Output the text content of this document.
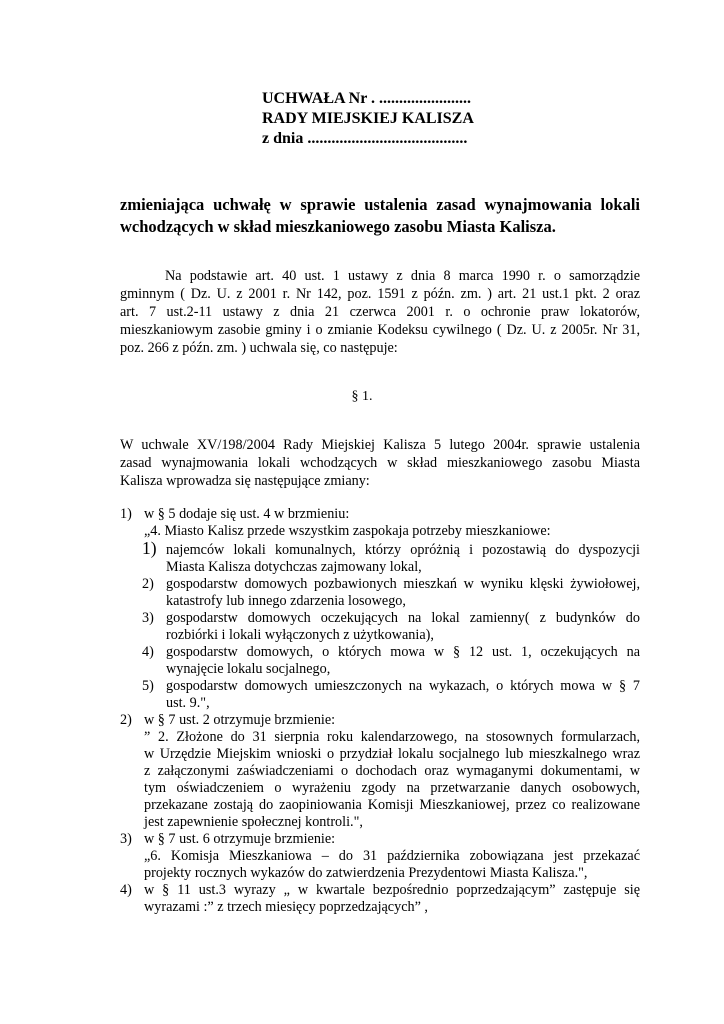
UCHWAŁA Nr . .......................
RADY MIEJSKIEJ KALISZA
z dnia ........................................
zmieniająca uchwałę w sprawie ustalenia zasad wynajmowania lokali
wchodzących w skład mieszkaniowego zasobu Miasta Kalisza.
Na podstawie art. 40 ust. 1 ustawy z dnia 8 marca 1990 r. o samorządzie
gminnym ( Dz. U. z 2001 r. Nr 142, poz. 1591 z późn. zm. ) art. 21 ust.1 pkt. 2 oraz
art. 7 ust.2-11 ustawy z dnia 21 czerwca 2001 r. o ochronie praw lokatorów,
mieszkaniowym zasobie gminy i o zmianie Kodeksu cywilnego ( Dz. U. z 2005r. Nr 31,
poz. 266 z późn. zm. ) uchwala się, co następuje:
§ 1.
W uchwale XV/198/2004 Rady Miejskiej Kalisza 5 lutego 2004r. sprawie ustalenia
zasad wynajmowania lokali wchodzących w skład mieszkaniowego zasobu Miasta
Kalisza wprowadza się następujące zmiany:
1) w § 5 dodaje się ust. 4 w brzmieniu:
„4. Miasto Kalisz przede wszystkim zaspokaja potrzeby mieszkaniowe:
1) najemców lokali komunalnych, którzy opróżnią i pozostawią do dyspozycji
Miasta Kalisza dotychczas zajmowany lokal,
2) gospodarstw domowych pozbawionych mieszkań w wyniku klęski żywiołowej,
katastrofy lub innego zdarzenia losowego,
3) gospodarstw domowych oczekujących na lokal zamienny( z budynków do
rozbiórki i lokali wyłączonych z użytkowania),
4) gospodarstw domowych, o których mowa w § 12 ust. 1, oczekujących na
wynajęcie lokalu socjalnego,
5) gospodarstw domowych umieszczonych na wykazach, o których mowa w § 7
ust. 9.",
2) w § 7 ust. 2 otrzymuje brzmienie:
” 2. Złożone do 31 sierpnia roku kalendarzowego, na stosownych formularzach,
w Urzędzie Miejskim wnioski o przydział lokalu socjalnego lub mieszkalnego wraz
z załączonymi zaświadczeniami o dochodach oraz wymaganymi dokumentami, w
tym oświadczeniem o wyrażeniu zgody na przetwarzanie danych osobowych,
przekazane zostają do zaopiniowania Komisji Mieszkaniowej, przez co realizowane
jest zapewnienie społecznej kontroli.",
3) w § 7 ust. 6 otrzymuje brzmienie:
„6. Komisja Mieszkaniowa – do 31 października zobowiązana jest przekazać
projekty rocznych wykazów do zatwierdzenia Prezydentowi Miasta Kalisza.",
4) w § 11 ust.3 wyrazy „ w kwartale bezpośrednio poprzedzającym” zastępuje się
wyrazami :” z trzech miesięcy poprzedzających” ,
